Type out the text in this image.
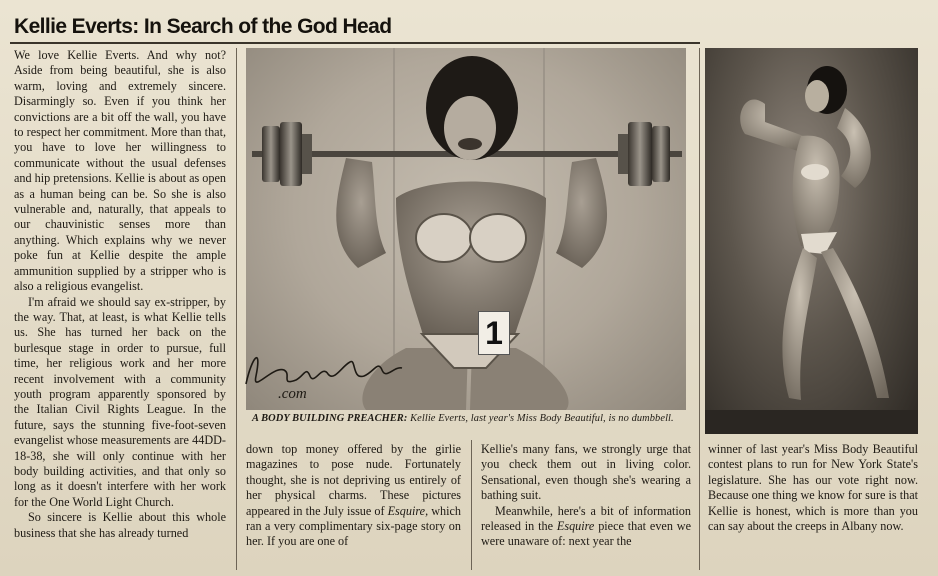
Kellie Everts: In Search of the God Head

We love Kellie Everts. And why not? Aside from being beautiful, she is also warm, loving and extremely sincere. Disarmingly so. Even if you think her convictions are a bit off the wall, you have to respect her commitment. More than that, you have to love her willingness to communicate without the usual defenses and hip pretensions. Kellie is about as open as a human being can be. So she is also vulnerable and, naturally, that appeals to our chauvinistic senses more than anything. Which explains why we never poke fun at Kellie despite the ample ammunition supplied by a stripper who is also a religious evangelist.

I'm afraid we should say ex-stripper, by the way. That, at least, is what Kellie tells us. She has turned her back on the burlesque stage in order to pursue, full time, her religious work and her more recent involvement with a community youth program apparently sponsored by the Italian Civil Rights League. In the future, says the stunning five-foot-seven evangelist whose measurements are 44DD-18-38, she will only continue with her body building activities, and that only so long as it doesn't interfere with her work for the One World Light Church.

So sincere is Kellie about this whole business that she has already turned

1
.com
A BODY BUILDING PREACHER: Kellie Everts, last year's Miss Body Beautiful, is no dumbbell.

down top money offered by the girlie magazines to pose nude. Fortunately thought, she is not depriving us entirely of her physical charms. These pictures appeared in the July issue of Esquire, which ran a very complimentary six-page story on her. If you are one of

Kellie's many fans, we strongly urge that you check them out in living color. Sensational, even though she's wearing a bathing suit.

Meanwhile, here's a bit of information released in the Esquire piece that even we were unaware of: next year the

winner of last year's Miss Body Beautiful contest plans to run for New York State's legislature. She has our vote right now. Because one thing we know for sure is that Kellie is honest, which is more than you can say about the creeps in Albany now.
